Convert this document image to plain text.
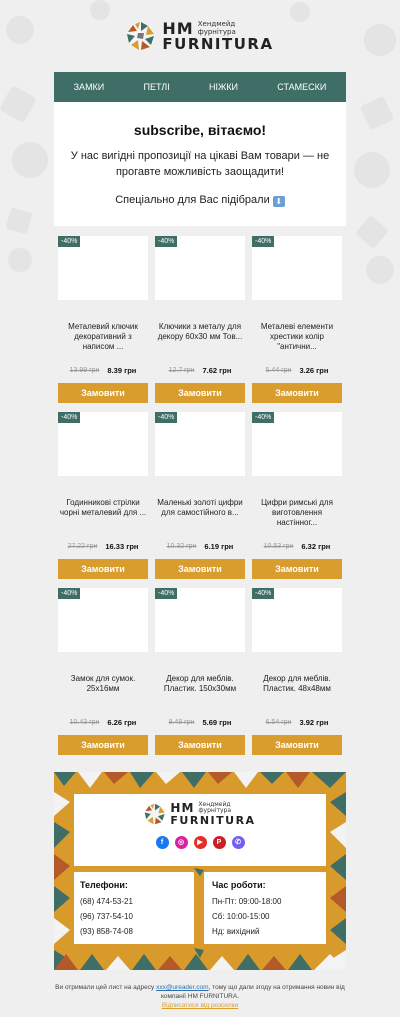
HM Хендмейд фурнітура
FURNITURA
ЗАМКИ	ПЕТЛІ	НІЖКИ	СТАМЕСКИ
subscribe, вітаємо!

У нас вигідні пропозиції на цікаві Вам товари — не прогавте можливість заощадити!

Спеціально для Вас підібрали ⬇

-40%
Металевий ключик декоративний з написом ...
13.99 грн 8.39 грн
Замовити
-40%
Ключики з металу для декору 60х30 мм Тов...
12.7 грн 7.62 грн
Замовити
-40%
Металеві елементи хрестики колір "антични...
5.44 грн 3.26 грн
Замовити
-40%
Годинникові стрілки чорні металевий для ...
27.22 грн 16.33 грн
Замовити
-40%
Маленькі золоті цифри для самостійного в...
10.32 грн 6.19 грн
Замовити
-40%
Цифри римські для виготовлення настінног...
10.53 грн 6.32 грн
Замовити
-40%
Замок для сумок. 25х16мм
10.43 грн 6.26 грн
Замовити
-40%
Декор для меблів. Пластик. 150х30мм
9.48 грн 5.69 грн
Замовити
-40%
Декор для меблів. Пластик. 48х48мм
6.54 грн 3.92 грн
Замовити
HM Хендмейд фурнітура
FURNITURA
f	◎	▶	P	✆
Телефони:
(68) 474-53-21
(96) 737-54-10
(93) 858-74-08
Час роботи:
Пн-Пт: 09:00-18:00
Сб: 10:00-15:00
Нд: вихідний
Ви отримали цей лист на адресу xxx@ureader.com, тому що дали згоду на отримання новин від компанії HM FURNITURA.
Відписатися від розсилки
